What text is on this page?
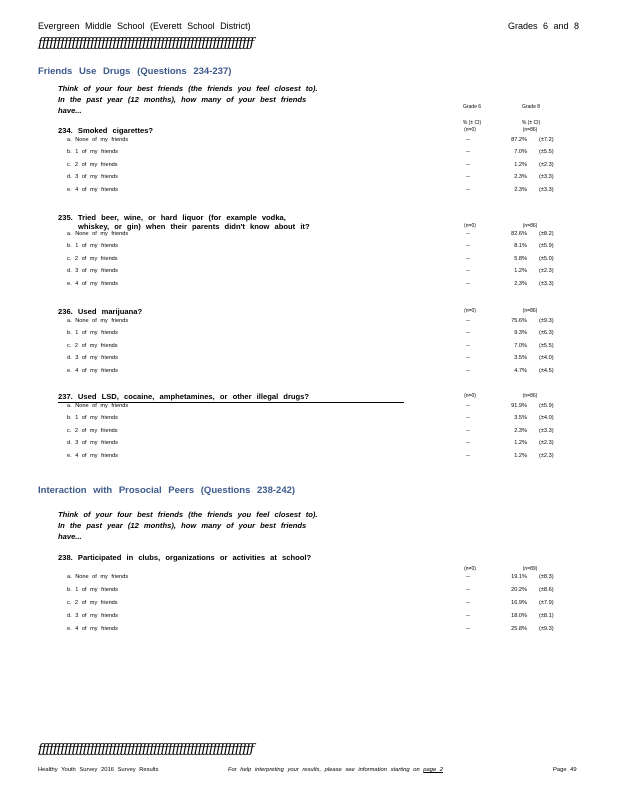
Evergreen Middle School (Everett School District)	Grades 6 and 8
ƒƒƒƒƒƒƒƒƒƒƒƒƒƒƒƒƒƒƒƒƒƒƒƒƒƒƒƒƒƒƒƒƒƒƒƒƒƒƒƒƒƒƒƒƒƒƒƒƒƒƒƒƒƒƒƒƒƒ
Friends Use Drugs (Questions 234-237)
Think of your four best friends (the friends you feel closest to). In the past year (12 months), how many of your best friends have...	Grade 6	Grade 8
% (± CI)	% (± CI)
234. Smoked cigarettes?	(n=0)	(n=86)
a. None of my friends	--	87.2% (±7.2)
b. 1 of my friends	--	7.0% (±5.5)
c. 2 of my friends	--	1.2% (±2.3)
d. 3 of my friends	--	2.3% (±3.3)
e. 4 of my friends	--	2.3% (±3.3)
235. Tried beer, wine, or hard liquor (for example vodka,
whiskey, or gin) when their parents didn't know about it?	(n=0)	(n=86)
a. None of my friends	--	82.6% (±8.2)
b. 1 of my friends	--	8.1% (±5.9)
c. 2 of my friends	--	5.8% (±5.0)
d. 3 of my friends	--	1.2% (±2.3)
e. 4 of my friends	--	2.3% (±3.3)
236. Used marijuana?	(n=0)	(n=86)
a. None of my friends	--	75.6% (±9.3)
b. 1 of my friends	--	9.3% (±6.3)
c. 2 of my friends	--	7.0% (±5.5)
d. 3 of my friends	--	3.5% (±4.0)
e. 4 of my friends	--	4.7% (±4.5)
237. Used LSD, cocaine, amphetamines, or other illegal drugs?	(n=0)	(n=86)
a. None of my friends	--	91.9% (±5.9)
b. 1 of my friends	--	3.5% (±4.0)
c. 2 of my friends	--	2.3% (±3.3)
d. 3 of my friends	--	1.2% (±2.3)
e. 4 of my friends	--	1.2% (±2.3)
Interaction with Prosocial Peers (Questions 238-242)
Think of your four best friends (the friends you feel closest to). In the past year (12 months), how many of your best friends have...
238. Participated in clubs, organizations or activities at school?
(n=0)	(n=89)
a. None of my friends	--	19.1% (±8.3)
b. 1 of my friends	--	20.2% (±8.6)
c. 2 of my friends	--	16.9% (±7.9)
d. 3 of my friends	--	18.0% (±8.1)
e. 4 of my friends	--	25.8% (±9.3)
ƒƒƒƒƒƒƒƒƒƒƒƒƒƒƒƒƒƒƒƒƒƒƒƒƒƒƒƒƒƒƒƒƒƒƒƒƒƒƒƒƒƒƒƒƒƒƒƒƒƒƒƒƒƒƒƒƒƒ
Healthy Youth Survey 2016 Survey Results	For help interpreting your results, please see information starting on page 2	Page 49
